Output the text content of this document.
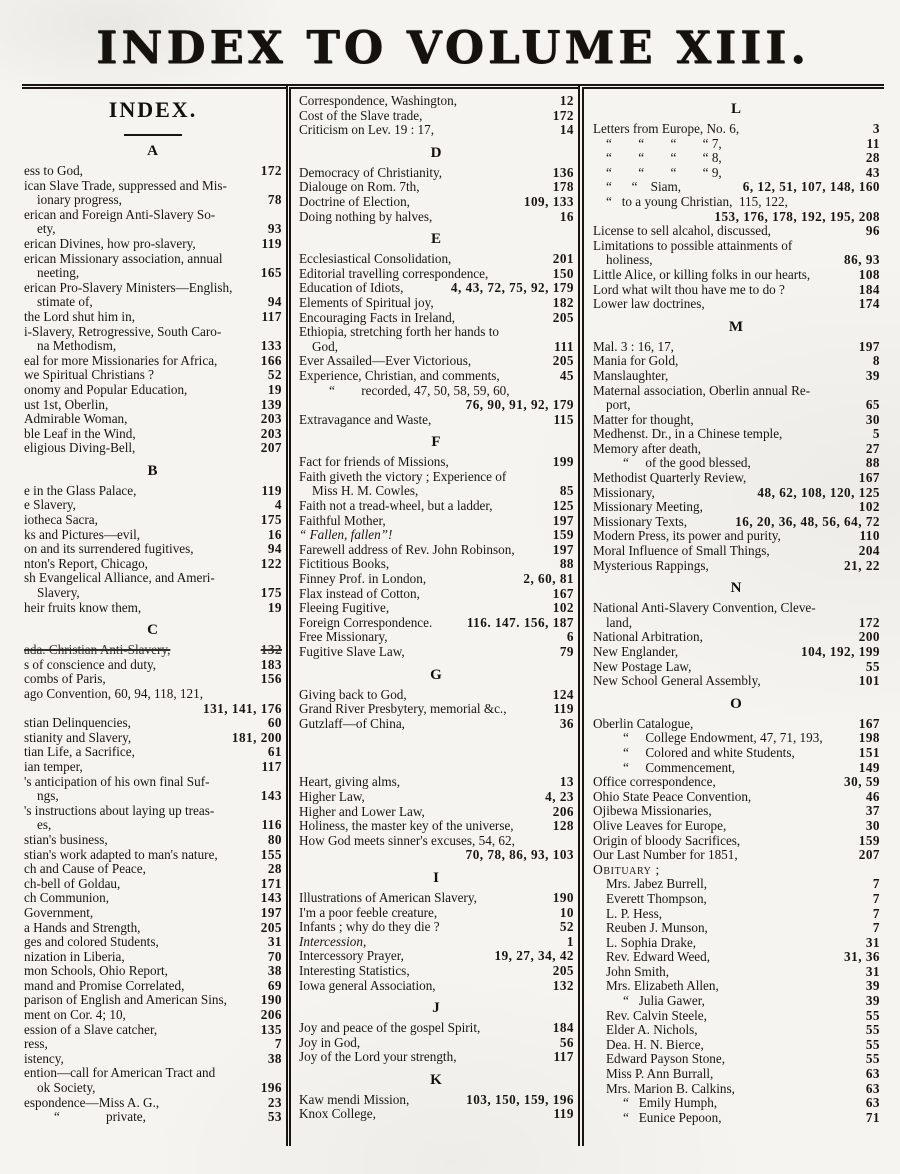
INDEX TO VOLUME XIII.
INDEX.
A
ess to God,	172
ican Slave Trade, suppressed and Mis-
ionary progress,	78
erican and Foreign Anti-Slavery So-
ety,	93
erican Divines, how pro-slavery,	119
erican Missionary association, annual
neeting,	165
erican Pro-Slavery Ministers—English,
stimate of,	94
the Lord shut him in,	117
i-Slavery, Retrogressive, South Caro-
na Methodism,	133
eal for more Missionaries for Africa,	166
we Spiritual Christians ?	52
onomy and Popular Education,	19
ust 1st, Oberlin,	139
Admirable Woman,	203
ble Leaf in the Wind,	203
eligious Diving-Bell,	207
B
e in the Glass Palace,	119
e Slavery,	4
iotheca Sacra,	175
ks and Pictures—evil,	16
on and its surrendered fugitives,	94
nton's Report, Chicago,	122
sh Evangelical Alliance, and Ameri-
Slavery,	175
heir fruits know them,	19
C
ada. Christian Anti-Slavery,	132
s of conscience and duty,	183
combs of Paris,	156
ago Convention, 60, 94, 118, 121,
131, 141, 176
stian Delinquencies,	60
stianity and Slavery,	181, 200
tian Life, a Sacrifice,	61
ian temper,	117
's anticipation of his own final Suf-
ngs,	143
's instructions about laying up treas-
es,	116
stian's business,	80
stian's work adapted to man's nature,	155
ch and Cause of Peace,	28
ch-bell of Goldau,	171
ch Communion,	143
Government,	197
a Hands and Strength,	205
ges and colored Students,	31
nization in Liberia,	70
mon Schools, Ohio Report,	38
mand and Promise Correlated,	69
parison of English and American Sins,	190
ment on Cor. 4; 10,	206
ession of a Slave catcher,	135
ress,	7
istency,	38
ention—call for American Tract and
ok Society,	196
espondence—Miss A. G.,	23
“              private,	53
Correspondence, Washington,	12
Cost of the Slave trade,	172
Criticism on Lev. 19 : 17,	14
D
Democracy of Christianity,	136
Dialouge on Rom. 7th,	178
Doctrine of Election,	109, 133
Doing nothing by halves,	16
E
Ecclesiastical Consolidation,	201
Editorial travelling correspondence,	150
Education of Idiots,	4, 43, 72, 75, 92, 179
Elements of Spiritual joy,	182
Encouraging Facts in Ireland,	205
Ethiopia, stretching forth her hands to
God,	111
Ever Assailed—Ever Victorious,	205
Experience, Christian, and comments,	45
“        recorded, 47, 50, 58, 59, 60,
76, 90, 91, 92, 179
Extravagance and Waste,	115
F
Fact for friends of Missions,	199
Faith giveth the victory ; Experience of
Miss H. M. Cowles,	85
Faith not a tread-wheel, but a ladder,	125
Faithful Mother,	197
“ Fallen, fallen”!	159
Farewell address of Rev. John Robinson,	197
Fictitious Books,	88
Finney Prof. in London,	2, 60, 81
Flax instead of Cotton,	167
Fleeing Fugitive,	102
Foreign Correspondence.	116. 147. 156, 187
Free Missionary,	6
Fugitive Slave Law,	79
G
Giving back to God,	124
Grand River Presbytery, memorial &c.,	119
Gutzlaff—of China,	36
Heart, giving alms,	13
Higher Law,	4, 23
Higher and Lower Law,	206
Holiness, the master key of the universe,	128
How God meets sinner's excuses, 54, 62,
70, 78, 86, 93, 103
I
Illustrations of American Slavery,	190
I'm a poor feeble creature,	10
Infants ; why do they die ?	52
Intercession,	1
Intercessory Prayer,	19, 27, 34, 42
Interesting Statistics,	205
Iowa general Association,	132
J
Joy and peace of the gospel Spirit,	184
Joy in God,	56
Joy of the Lord your strength,	117
K
Kaw mendi Mission,	103, 150, 159, 196
Knox College,	119
L
Letters from Europe, No. 6,	3
“        “        “        “ 7,	11
“        “        “        “ 8,	28
“        “        “        “ 9,	43
“      “    Siam,	6, 12, 51, 107, 148, 160
“   to a young Christian,  115, 122,
153, 176, 178, 192, 195, 208
License to sell alcahol, discussed,	96
Limitations to possible attainments of
holiness,	86, 93
Little Alice, or killing folks in our hearts,	108
Lord what wilt thou have me to do ?	184
Lower law doctrines,	174
M
Mal. 3 : 16, 17,	197
Mania for Gold,	8
Manslaughter,	39
Maternal association, Oberlin annual Re-
port,	65
Matter for thought,	30
Medhenst. Dr., in a Chinese temple,	5
Memory after death,	27
“     of the good blessed,	88
Methodist Quarterly Review,	167
Missionary,	48, 62, 108, 120, 125
Missionary Meeting,	102
Missionary Texts,	16, 20, 36, 48, 56, 64, 72
Modern Press, its power and purity,	110
Moral Influence of Small Things,	204
Mysterious Rappings,	21, 22
N
National Anti-Slavery Convention, Cleve-
land,	172
National Arbitration,	200
New Englander,	104, 192, 199
New Postage Law,	55
New School General Assembly,	101
O
Oberlin Catalogue,	167
“     College Endowment, 47, 71, 193,	198
“     Colored and white Students,	151
“     Commencement,	149
Office correspondence,	30, 59
Ohio State Peace Convention,	46
Ojibewa Missionaries,	37
Olive Leaves for Europe,	30
Origin of bloody Sacrifices,	159
Our Last Number for 1851,	207
Obituary ;
Mrs. Jabez Burrell,	7
Everett Thompson,	7
L. P. Hess,	7
Reuben J. Munson,	7
L. Sophia Drake,	31
Rev. Edward Weed,	31, 36
John Smith,	31
Mrs. Elizabeth Allen,	39
“   Julia Gawer,	39
Rev. Calvin Steele,	55
Elder A. Nichols,	55
Dea. H. N. Bierce,	55
Edward Payson Stone,	55
Miss P. Ann Burrall,	63
Mrs. Marion B. Calkins,	63
“   Emily Humph,	63
“   Eunice Pepoon,	71
